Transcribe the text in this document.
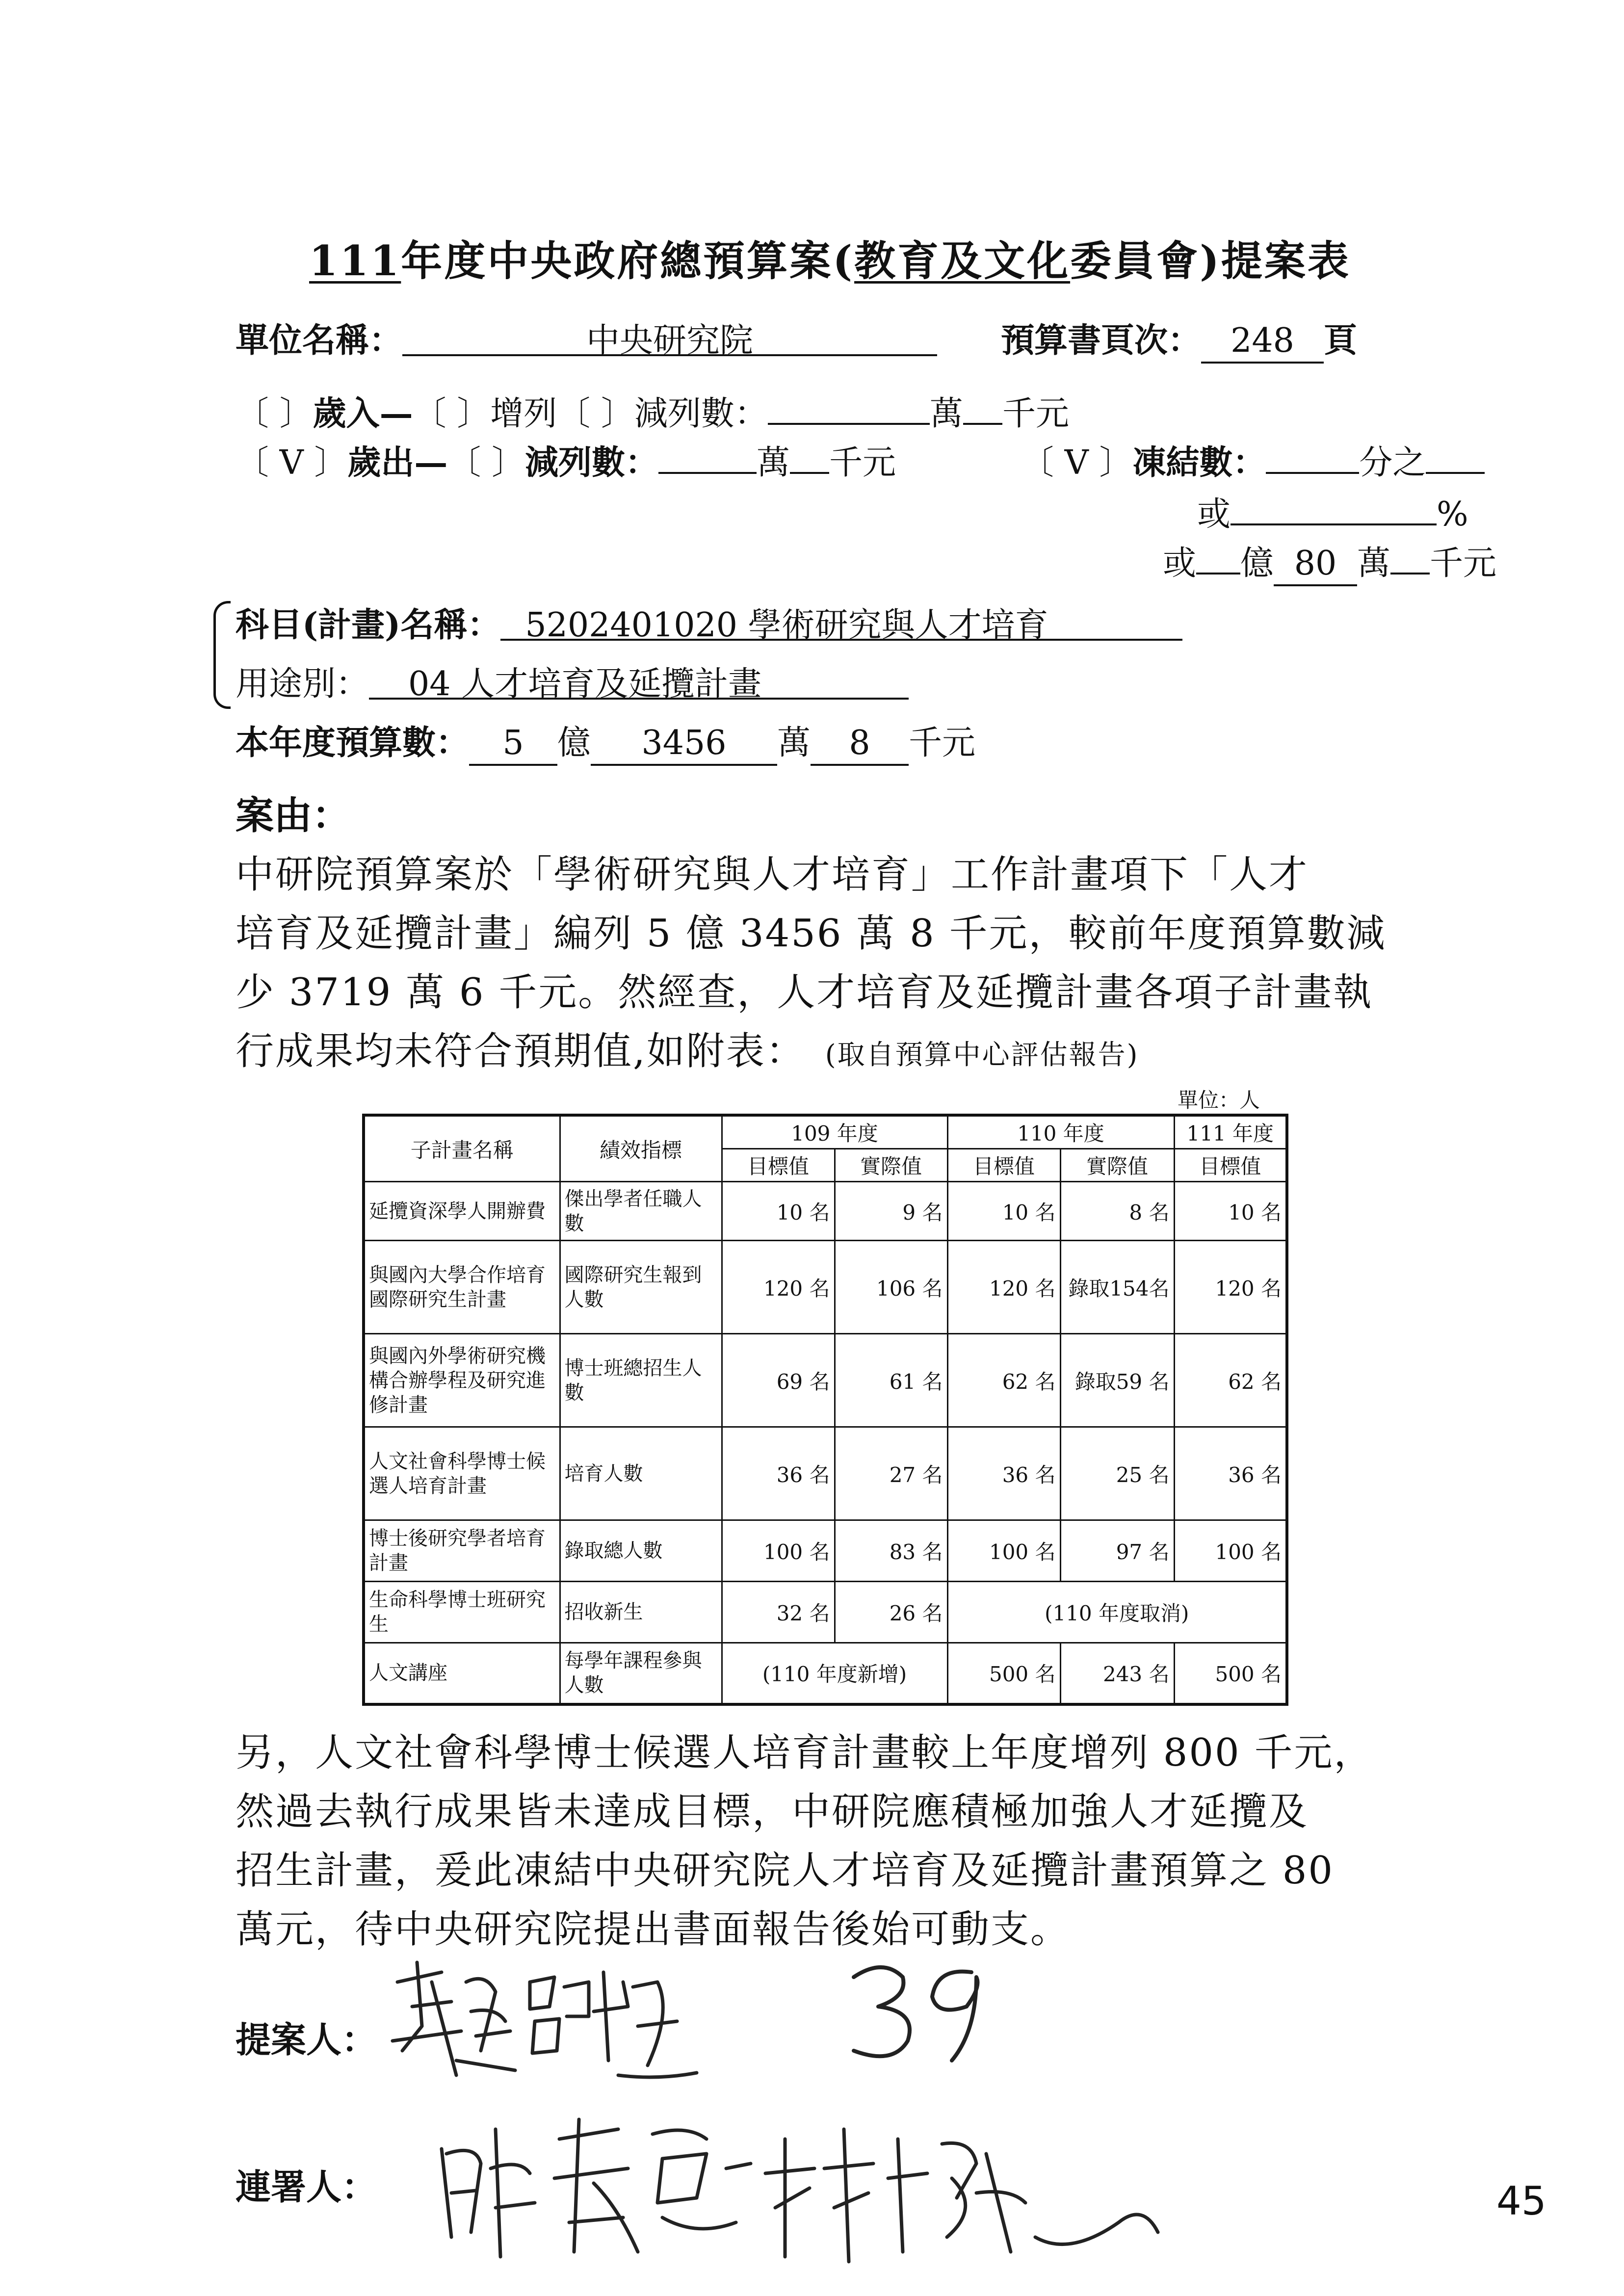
111年度中央政府總預算案(教育及文化委員會)提案表
單位名稱：	中央研究院	預算書頁次： 248 頁
〔 〕歲入—〔 〕增列〔 〕減列數：	萬 千元
〔 V 〕歲出—〔 〕減列數：	萬 千元	〔 V 〕凍結數：	分之
或	%
或 億 80 萬 千元
科目(計畫)名稱： 5202401020 學術研究與人才培育
用途別： 04 人才培育及延攬計畫
本年度預算數： 5 億 3456 萬 8 千元
案由：
中研院預算案於「學術研究與人才培育」工作計畫項下「人才
培育及延攬計畫」編列 5 億 3456 萬 8 千元，較前年度預算數減
少 3719 萬 6 千元。然經查，人才培育及延攬計畫各項子計畫執
行成果均未符合預期值,如附表： (取自預算中心評估報告)
單位：人
子計畫名稱	績效指標	109 年度		110 年度		111 年度
		目標值	實際值	目標值	實際值	目標值
延攬資深學人開辦費	傑出學者任職人數	10 名	9 名	10 名	8 名	10 名
與國內大學合作培育國際研究生計畫	國際研究生報到人數	120 名	106 名	120 名	錄取154名	120 名
與國內外學術研究機構合辦學程及研究進修計畫	博士班總招生人數	69 名	61 名	62 名	錄取59 名	62 名
人文社會科學博士候選人培育計畫	培育人數	36 名	27 名	36 名	25 名	36 名
博士後研究學者培育計畫	錄取總人數	100 名	83 名	100 名	97 名	100 名
生命科學博士班研究生	招收新生	32 名	26 名	(110 年度取消)		
人文講座	每學年課程參與人數	(110 年度新增)		500 名	243 名	500 名
另，人文社會科學博士候選人培育計畫較上年度增列 800 千元，
然過去執行成果皆未達成目標，中研院應積極加強人才延攬及
招生計畫，爰此凍結中央研究院人才培育及延攬計畫預算之 80
萬元，待中央研究院提出書面報告後始可動支。
提案人：
連署人：	45
